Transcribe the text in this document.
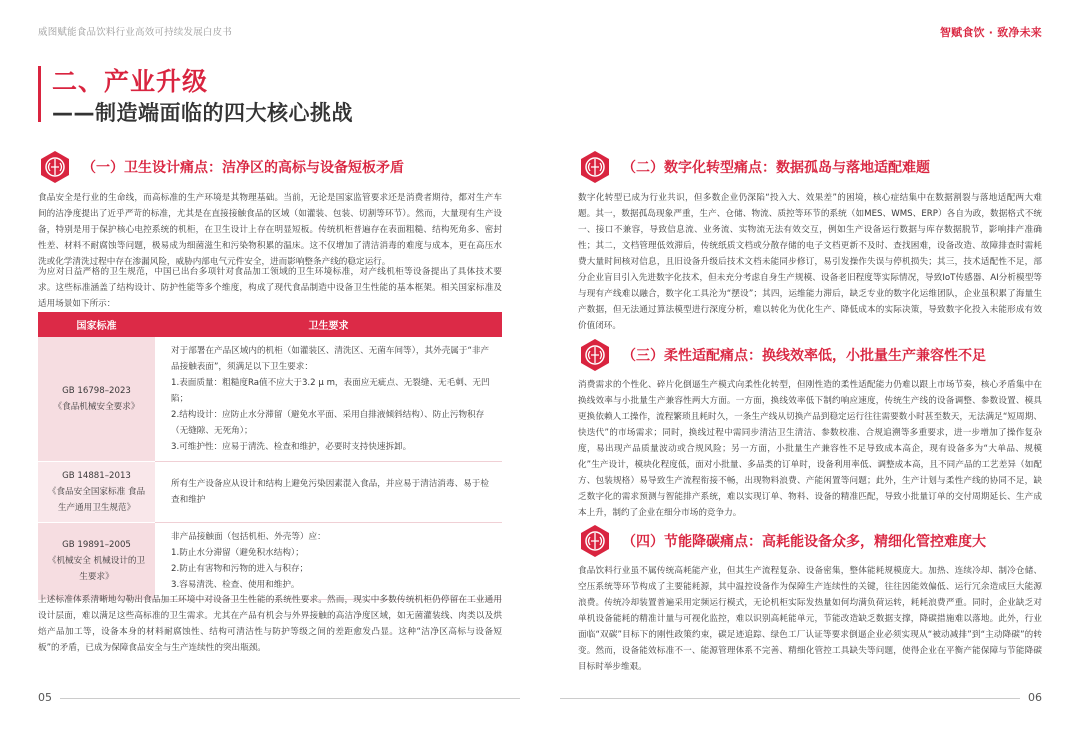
威图赋能食品饮料行业高效可持续发展白皮书
二、产业升级
——制造端面临的四大核心挑战
（一）卫生设计痛点：洁净区的高标与设备短板矛盾
食品安全是行业的生命线，而高标准的生产环境是其物理基础。当前，无论是国家监管要求还是消费者期待，都对生产车间的洁净度提出了近乎严苛的标准，尤其是在直接接触食品的区域（如灌装、包装、切割等环节）。然而，大量现有生产设备，特别是用于保护核心电控系统的机柜，在卫生设计上存在明显短板。传统机柜普遍存在表面粗糙、结构死角多、密封性差、材料不耐腐蚀等问题，极易成为细菌滋生和污染物积累的温床。这不仅增加了清洁消毒的难度与成本，更在高压水洗或化学清洗过程中存在渗漏风险，威胁内部电气元件安全，进而影响整条产线的稳定运行。
为应对日益严格的卫生规范，中国已出台多项针对食品加工领域的卫生环境标准，对产线机柜等设备提出了具体技术要求。这些标准涵盖了结构设计、防护性能等多个维度，构成了现代食品制造中设备卫生性能的基本框架。相关国家标准及适用场景如下所示：
国家标准	卫生要求
GB 16798–2023
《食品机械安全要求》	对于部署在产品区域内的机柜（如灌装区、清洗区、无菌车间等），其外壳属于“非产品接触表面”，须满足以下卫生要求：
1.表面质量：粗糙度Ra值不应大于3.2 μ m，表面应无疵点、无裂缝、无毛刺、无凹陷；
2.结构设计：应防止水分滞留（避免水平面、采用自排液倾斜结构）、防止污物积存（无缝隙、无死角）；
3.可维护性：应易于清洗、检查和维护，必要时支持快速拆卸。
GB 14881–2013
《食品安全国家标准 食品生产通用卫生规范》	所有生产设备应从设计和结构上避免污染因素混入食品，并应易于清洁消毒、易于检查和维护
GB 19891–2005
《机械安全 机械设计的卫生要求》	非产品接触面（包括机柜、外壳等）应：
1.防止水分滞留（避免积水结构）；
2.防止有害物和污物的进入与积存；
3.容易清洗、检查、使用和维护。
上述标准体系清晰地勾勒出食品加工环境中对设备卫生性能的系统性要求。然而，现实中多数传统机柜仍停留在工业通用设计层面，难以满足这些高标准的卫生需求。尤其在产品有机会与外界接触的高洁净度区域，如无菌灌装线、肉类以及烘焙产品加工等，设备本身的材料耐腐蚀性、结构可清洁性与防护等级之间的差距愈发凸显。这种“洁净区高标与设备短板”的矛盾，已成为保障食品安全与生产连续性的突出瓶颈。
05
智赋食饮 · 致净未来
（二）数字化转型痛点：数据孤岛与落地适配难题
数字化转型已成为行业共识，但多数企业仍深陷“投入大、效果差”的困境，核心症结集中在数据割裂与落地适配两大难题。其一，数据孤岛现象严重，生产、仓储、物流、质控等环节的系统（如MES、WMS、ERP）各自为政，数据格式不统一、接口不兼容，导致信息流、业务流、实物流无法有效交互，例如生产设备运行数据与库存数据脱节，影响排产准确性；其二，文档管理低效滞后，传统纸质文档或分散存储的电子文档更新不及时、查找困难，设备改造、故障排查时需耗费大量时间核对信息，且旧设备升级后技术文档未能同步修订，易引发操作失误与停机损失；其三，技术适配性不足，部分企业盲目引入先进数字化技术，但未充分考虑自身生产规模、设备老旧程度等实际情况，导致IoT传感器、AI分析模型等与现有产线难以融合，数字化工具沦为“摆设”；其四，运维能力滞后，缺乏专业的数字化运维团队，企业虽积累了海量生产数据，但无法通过算法模型进行深度分析，难以转化为优化生产、降低成本的实际决策，导致数字化投入未能形成有效价值闭环。
（三）柔性适配痛点：换线效率低，小批量生产兼容性不足
消费需求的个性化、碎片化倒逼生产模式向柔性化转型，但刚性造的柔性适配能力仍难以跟上市场节奏，核心矛盾集中在换线效率与小批量生产兼容性两大方面。一方面，换线效率低下制约响应速度，传统生产线的设备调整、参数设置、模具更换依赖人工操作，流程繁琐且耗时久，一条生产线从切换产品到稳定运行往往需要数小时甚至数天，无法满足“短周期、快迭代”的市场需求；同时，换线过程中需同步清洁卫生清洁、参数校准、合规追溯等多重要求，进一步增加了操作复杂度，易出现产品质量波动或合规风险；另一方面，小批量生产兼容性不足导致成本高企，现有设备多为“大单品、规模化”生产设计，模块化程度低，面对小批量、多品类的订单时，设备利用率低、调整成本高，且不同产品的工艺差异（如配方、包装规格）易导致生产流程衔接不畅，出现物料浪费、产能闲置等问题；此外，生产计划与柔性产线的协同不足，缺乏数字化的需求预测与智能排产系统，难以实现订单、物料、设备的精准匹配，导致小批量订单的交付周期延长、生产成本上升，制约了企业在细分市场的竞争力。
（四）节能降碳痛点：高耗能设备众多，精细化管控难度大
食品饮料行业虽不属传统高耗能产业，但其生产流程复杂、设备密集，整体能耗规模庞大。加热、连续冷却、制冷仓储、空压系统等环节构成了主要能耗源，其中温控设备作为保障生产连续性的关键，往往因能效偏低、运行冗余造成巨大能源浪费。传统冷却装置普遍采用定频运行模式，无论机柜实际发热量如何均满负荷运转，耗耗浪费严重。同时，企业缺乏对单机设备能耗的精准计量与可视化监控，难以识别高耗能单元，节能改造缺乏数据支撑，降碳措施难以落地。此外，行业面临“双碳”目标下的刚性政策约束，碳足迹追踪、绿色工厂认证等要求倒逼企业必须实现从“被动减排”到“主动降碳”的转变。然而，设备能效标准不一、能源管理体系不完善、精细化管控工具缺失等问题，使得企业在平衡产能保障与节能降碳目标时举步维艰。
06
